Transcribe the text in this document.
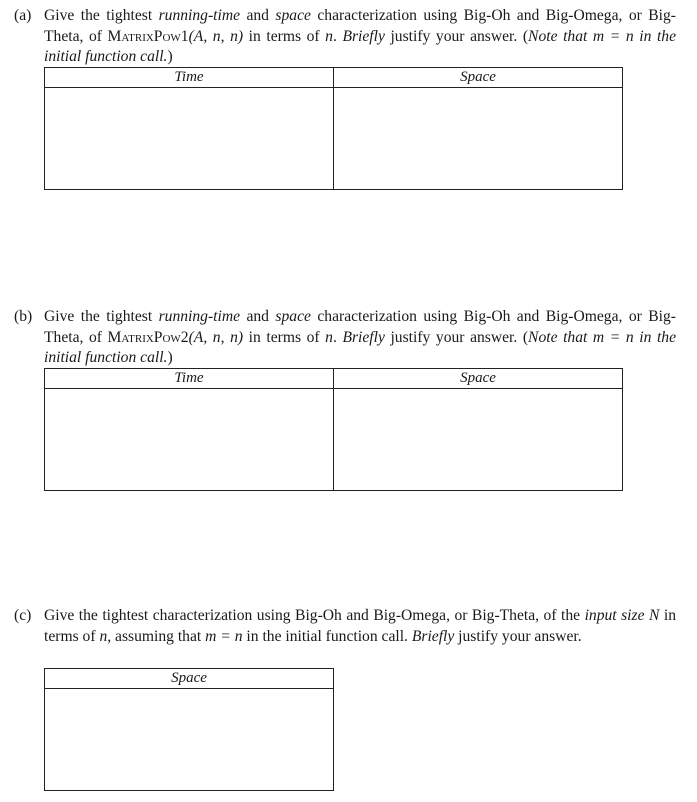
(a) Give the tightest running-time and space characterization using Big-Oh and Big-Omega, or Big-Theta, of MatrixPow1(A, n, n) in terms of n. Briefly justify your answer. (Note that m = n in the initial function call.)
Time	Space

(b) Give the tightest running-time and space characterization using Big-Oh and Big-Omega, or Big-Theta, of MatrixPow2(A, n, n) in terms of n. Briefly justify your answer. (Note that m = n in the initial function call.)
Time	Space

(c) Give the tightest characterization using Big-Oh and Big-Omega, or Big-Theta, of the input size N in terms of n, assuming that m = n in the initial function call. Briefly justify your answer.
Space
